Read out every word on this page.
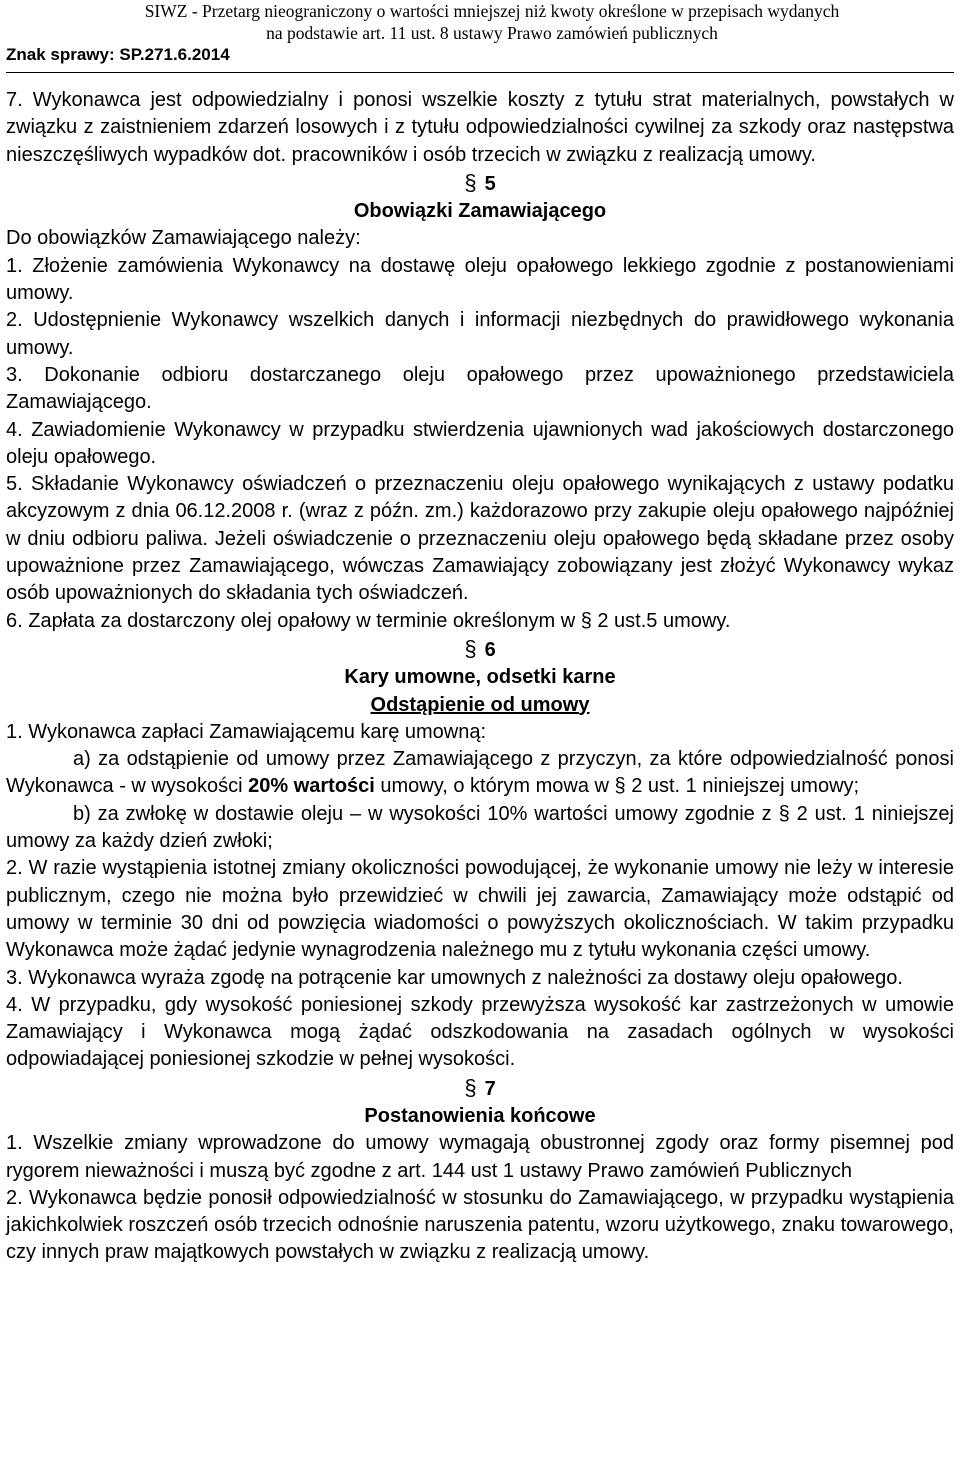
SIWZ - Przetarg nieograniczony o wartości mniejszej niż kwoty określone w przepisach wydanych
na podstawie art. 11 ust. 8 ustawy Prawo zamówień publicznych
Znak sprawy: SP.271.6.2014

7. Wykonawca jest odpowiedzialny i ponosi wszelkie koszty z tytułu strat materialnych, powstałych w związku z zaistnieniem zdarzeń losowych i z tytułu odpowiedzialności cywilnej za szkody oraz następstwa nieszczęśliwych wypadków dot. pracowników i osób trzecich w związku z realizacją umowy.

§ 5

Obowiązki Zamawiającego

Do obowiązków Zamawiającego należy:

1. Złożenie zamówienia Wykonawcy na dostawę oleju opałowego lekkiego zgodnie z postanowieniami umowy.

2. Udostępnienie Wykonawcy wszelkich danych i informacji niezbędnych do prawidłowego wykonania umowy.

3. Dokonanie odbioru dostarczanego oleju opałowego przez upoważnionego przedstawiciela Zamawiającego.

4. Zawiadomienie Wykonawcy w przypadku stwierdzenia ujawnionych wad jakościowych dostarczonego oleju opałowego.

5. Składanie Wykonawcy oświadczeń o przeznaczeniu oleju opałowego wynikających z ustawy podatku akcyzowym z dnia 06.12.2008 r. (wraz z późn. zm.) każdorazowo przy zakupie oleju opałowego najpóźniej w dniu odbioru paliwa. Jeżeli oświadczenie o przeznaczeniu oleju opałowego będą składane przez osoby upoważnione przez Zamawiającego, wówczas Zamawiający zobowiązany jest złożyć Wykonawcy wykaz osób upoważnionych do składania tych oświadczeń.

6. Zapłata za dostarczony olej opałowy w terminie określonym w § 2 ust.5 umowy.

§ 6

Kary umowne, odsetki karne

Odstąpienie od umowy

1. Wykonawca zapłaci Zamawiającemu karę umowną:

a) za odstąpienie od umowy przez Zamawiającego z przyczyn, za które odpowiedzialność ponosi Wykonawca - w wysokości 20% wartości umowy, o którym mowa w § 2 ust. 1 niniejszej umowy;

b) za zwłokę w dostawie oleju – w wysokości 10% wartości umowy zgodnie z § 2 ust. 1 niniejszej umowy za każdy dzień zwłoki;

2. W razie wystąpienia istotnej zmiany okoliczności powodującej, że wykonanie umowy nie leży w interesie publicznym, czego nie można było przewidzieć w chwili jej zawarcia, Zamawiający może odstąpić od umowy w terminie 30 dni od powzięcia wiadomości o powyższych okolicznościach. W takim przypadku Wykonawca może żądać jedynie wynagrodzenia należnego mu z tytułu wykonania części umowy.

3. Wykonawca wyraża zgodę na potrącenie kar umownych z należności za dostawy oleju opałowego.

4. W przypadku, gdy wysokość poniesionej szkody przewyższa wysokość kar zastrzeżonych w umowie Zamawiający i Wykonawca mogą żądać odszkodowania na zasadach ogólnych w wysokości odpowiadającej poniesionej szkodzie w pełnej wysokości.

§ 7

Postanowienia końcowe

1. Wszelkie zmiany wprowadzone do umowy wymagają obustronnej zgody oraz formy pisemnej pod rygorem nieważności i muszą być zgodne z art. 144 ust 1 ustawy Prawo zamówień Publicznych

2. Wykonawca będzie ponosił odpowiedzialność w stosunku do Zamawiającego, w przypadku wystąpienia jakichkolwiek roszczeń osób trzecich odnośnie naruszenia patentu, wzoru użytkowego, znaku towarowego, czy innych praw majątkowych powstałych w związku z realizacją umowy.
